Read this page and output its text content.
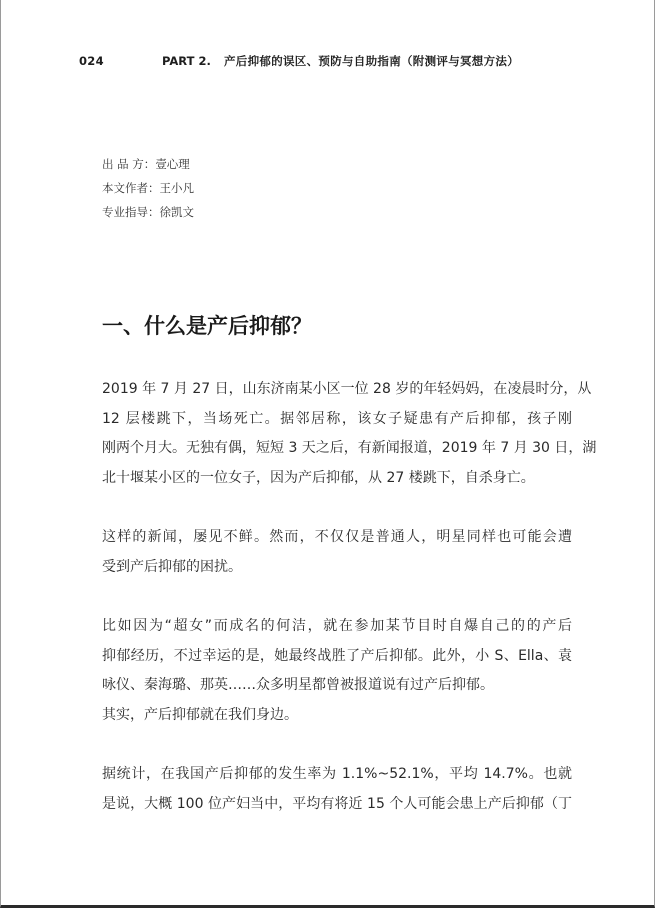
024	PART 2.	产后抑郁的误区、预防与自助指南（附测评与冥想方法）
出 品 方：壹心理
本文作者：王小凡
专业指导：徐凯文
一、什么是产后抑郁？

2019 年 7 月 27 日，山东济南某小区一位 28 岁的年轻妈妈，在凌晨时分，从
12 层楼跳下，当场死亡。据邻居称，该女子疑患有产后抑郁，孩子刚
刚两个月大。无独有偶，短短 3 天之后，有新闻报道，2019 年 7 月 30 日，湖
北十堰某小区的一位女子，因为产后抑郁，从 27 楼跳下，自杀身亡。

这样的新闻，屡见不鲜。然而，不仅仅是普通人，明星同样也可能会遭
受到产后抑郁的困扰。

比如因为“超女”而成名的何洁，就在参加某节目时自爆自己的的产后
抑郁经历，不过幸运的是，她最终战胜了产后抑郁。此外，小 S、Ella、袁
咏仪、秦海璐、那英……众多明星都曾被报道说有过产后抑郁。

其实，产后抑郁就在我们身边。

据统计，在我国产后抑郁的发生率为 1.1%~52.1%，平均 14.7%。也就
是说，大概 100 位产妇当中，平均有将近 15 个人可能会患上产后抑郁（丁
